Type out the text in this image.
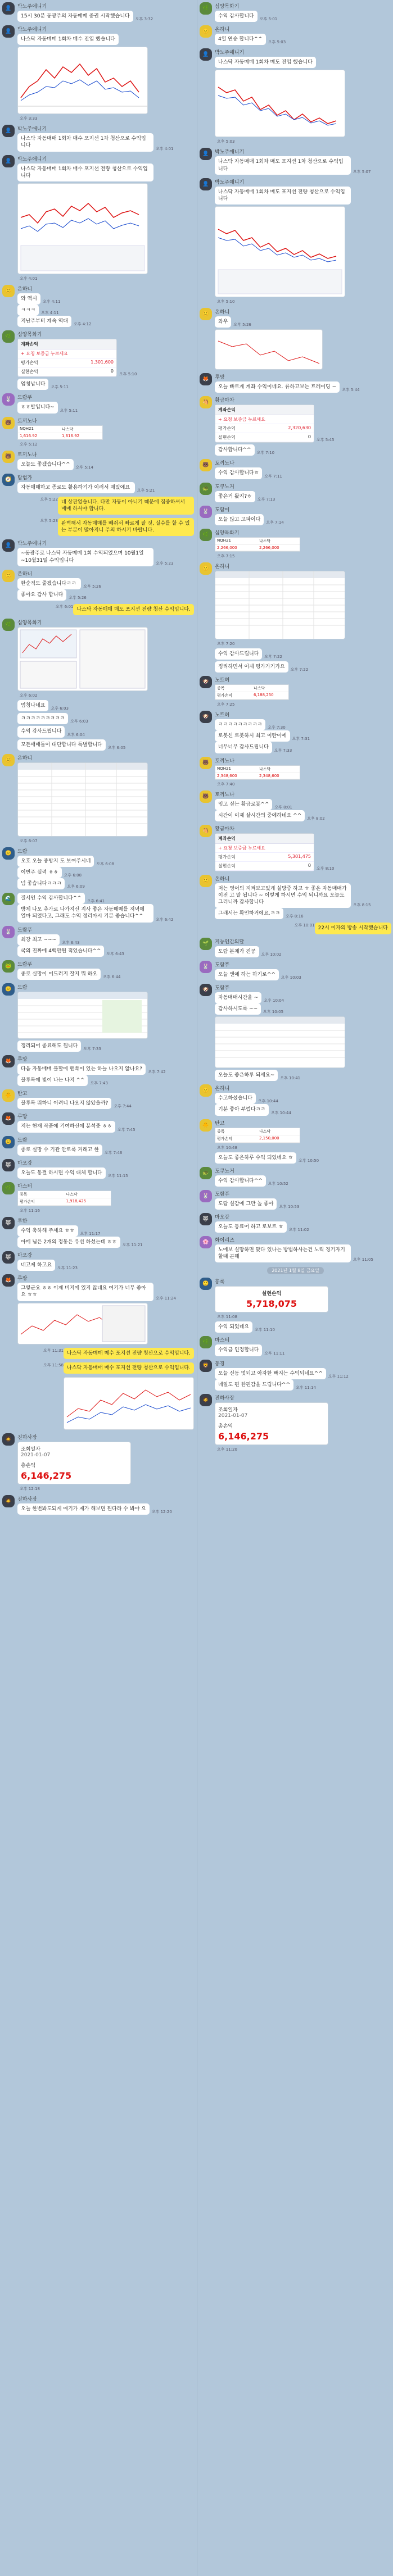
👤	박노주애니기
15시 30분 동광주의 자동매매 증권 시작했습니다오후 3:32
👤	박노주애니기
나스닥 자동매매 1회차 매수 진입 했습니다
오후 3:33
👤	박노주애니기
나스닥 자동매매 1회차 매수 포지션 1차 청산으로 수익입니다오후 4:01
👤	박노주애니기
나스닥 자동매매 1회차 매수 포지션 전량 청산으로 수익입니다
오후 4:01
🙂	온하니
와 역시오후 4:11
ㅋㅋㅋ오후 4:11
지난주부터 계속 역대오후 4:12
🌿	심양목화기
계좌손익
+ 요청 보증금 누르세요
평가손익	1,301,600
실현손익	0
오후 5:10
엄청납니다오후 5:11
🐰	도람푸
ㅎㅎ발입니다~오후 5:11
🐻	토끼노나
NQH21	나스닥
1,616.92	1,616.92
오후 5:12
🐻	토끼노나
오늘도 좋겠습니다^^오후 5:14
🧭	탐험가
자동매매하고 종로도 활용하기가 이러서 재밌에요 오후 5:21
오후 5:22 네 상관없습니다. 다만 자동이 아니기 때문에 집중하셔서 매매 하셔야 합니다.
오후 5:23 완벽해서 자동매매를 빼줘서 빠르게 잘 것, 실수를 할 수 있는 부분이 많아지니 주의 하시기 바랍니다.
👤	박노주애니기
~동광주로 나스닥 자동매매 1회 수익되었으며 10월1일~10월31일 수익입니다오후 5:23
🙂	온하니
한순직도 줄겠습니다ㅋㅋ 오후 5:26
좋아요 감사 합니다오후 5:26
오후 6:01 나스닥 자동매매 매도 포지션 전량 청산 수익입니다.
🌿	심양목화기
오후 6:02
엄청나네요오후 6:03
ㅋㅋㅋㅋㅋㅋㅋㅋㅋ오후 6:03
수익 감사드립니다오후 6:04
모든매매들이 대단합니다 특별합니다오후 6:05
🙂	온하니
오후 6:07
🙂	도람
오호 오늘 종방지 도 보여주시네오후 6:08
이번주 실력 ㅎㅎ오후 6:08
넘 좋습니다ㅋㅋㅋ오후 6:09
🌊	질서인 수익 감사합니다^^오후 6:41
방제 나오 추가로 나가지신 지사 좋은 자동매매를 저녁에 얼마 되었다고, 그래도 수익 정리아시 기분 좋습니다^^오후 6:42
🐰	도람푸
최강 최고 ~~~오후 6:43
국의 진짜에 4백만원 적었습니다^^오후 6:43
🐸	도람푸
종로 실망이 어드러지 잘지 뭐 하오오후 6:44
🙂	도람
정리되어 종료해도 됩니다오후 7:33
🦊	루망
다음 자동매매 블할에 맨쪽이 있는 하늘 나오지 않나요?오후 7:42
블루목에 빛이 나는 나지 ^^오후 7:43
🐥	탄고
블루목 뭐하니 어려니 나오지 않았을까?오후 7:44
🦊	루망
저는 현재 작품에 기여하신에 분석중 ㅎㅎ오후 7:45
🙂	도람
종로 실망 수 기관 안토록 거래고 한오후 7:46
🐺	마오강
오늘도 동결 하시면 수익 대체 합니다오후 11:15
🌿	마스터
종목	나스닥
평가손익	1,918,425
오후 11:16
🐺	루한
수익 축하해 주세요 ㅎㅎ오후 11:17
아메 님은 2개의 정동은 유선 하셨는데 ㅎㅎ오후 11:21
🐺	마오강
네고제 하고요오후 11:23
🦊	루팡
그렇군요 ㅎㅎ 이제 비지에 있지 않네요 여기가 너무 좋아요 ㅎㅎ오후 11:24
오후 11:31 나스닥 자동매매 매수 포지션 전량 청산으로 수익입니다.
오후 11:58 나스닥 자동매매 매수 포지션 전량 청산으로 수익입니다.
🧔	진하사장
조회일자
2021-01-07
총손익
6,146,275
오후 12:18
🧔	진하사장
오늘 한번봐도되게 얘기가 제가 해보면 된다라 수 봐야 요오후 12:20
🌿	심양목화기
수익 감사합니다오후 5:01
🙂	온하니
4일 연승 합니다^^오후 5:03
👤	박노주애니기
나스닥 자동매매 1회차 매도 진입 했습니다
오후 5:03
👤	박노주애니기
나스닥 자동매매 1회차 매도 포지션 1차 청산으로 수익입니다오후 5:07
👤	박노주애니기
나스닥 자동매매 1회차 매도 포지션 전량 청산으로 수익입니다
오후 5:10
🙂	온하니
와우오후 5:26
🦊	루망
오늘 빠르게 계좌 수익이네요. 류하고보는 트레이딩 ~오후 5:44
🐴	황금마차
계좌손익
+ 요청 보증금 누르세요
평가손익	2,320,630
실현손익	0
오후 5:45
감사합니다^^오후 7:10
🐻	토끼노나
수익 감사합니다ㅎ오후 7:11
🐢	도쿠노거
좋은거 왔지?ㅎ오후 7:13
🐰	도람이
오늘 많고 고파이다오후 7:14
🌿	심양목화기
NQH21	나스닥
2,266,000	2,266,000
오후 7:15
🙂	온하니
오후 7:20
수익 감사드립니다오후 7:22
정리하면서 이제 평가가기가요오후 7:22
🐶	노트허
종목	나스닥
평가손익	6,188,250
오후 7:25
🐶	노트허
ㅋㅋㅋㅋㅋㅋㅋㅋㅋ오후 7:30
로봇신 로봇하시 최고 이탄이에오후 7:31
너무너무 감사드립니다오후 7:33
🐻	토끼노나
NQH21	나스닥
2,348,600	2,348,600
오후 7:40
🐻	토끼노나
임고 싶는 황금로봇^^오후 8:01
시간이 이제 살시간의 중에하네요 ^^오후 8:02
🐴	황금마차
계좌손익
+ 요청 보증금 누르세요
평가손익	5,301,475
실현손익	0
오후 8:10
🙂	온하니
저는 영어의 지켜보고있게 실망중 하고 ㅎ 좋은 자동매매가 이전 고 말 됩니다 ~ 이렇게 하시면 수익 되니까요 오늘도 그러니까 감사합니다오후 8:15
그래서는 확인하거에요.ㅋㅋ오후 8:16
오후 10:01 22시 이자의 방송 시작했습니다
🌱	지능인간의달
도람 본채가 진공오후 10:02
🐰	도람푸
오늘 엔에 하는 하기로^^오후 10:03
🐶	도람푸
자동매매시간을 ~오후 10:04
감사하시도록 ~~오후 10:05
오늘도 좋은하루 되세요~오후 10:41
🙂	온하니
수고하셨습니다오후 10:44
기분 좋아 부럽다ㅋㅋ오후 10:44
🐥	탄고
종목	나스닥
평가손익	2,150,000
오후 10:48
오늘도 좋은하루 수익 되었네요 ㅎ오후 10:50
🐢	도쿠노거
수익 감사합니다^^오후 10:52
🐰	도람푸
도람 실감에 그만 높 좋아오후 10:53
🐺	마오강
오늘도 동료어 하고 로보트 ㅎ오후 11:02
🌸	화이리즈
노에보 실망하면 맞다 있나는 방법하사는건 노릭 경기자기할때 곤해오후 11:05
2021년 1월 8일 금요일
🙂	흥록
실현손익
5,718,075
오후 11:08
수익 되었네요오후 11:10
🌿	마스터
수익금 인정합니다오후 11:11
🦁	동경
오늘 신동 멋되고 아자한 빠지는 수익되네요^^오후 11:12
네일도 편 한편감을 드립니다^^오후 11:14
🧔	진하사장
조회일자
2021-01-07
총손익
6,146,275
오후 11:20
